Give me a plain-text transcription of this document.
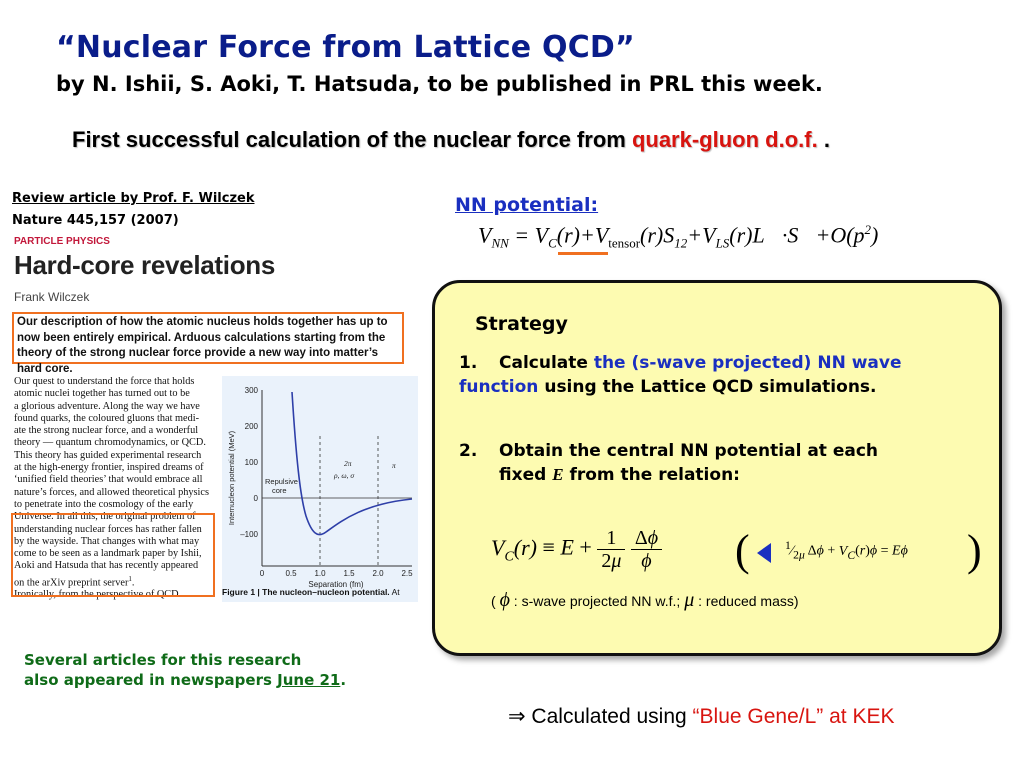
“Nuclear Force from Lattice QCD”
by N. Ishii, S. Aoki, T. Hatsuda, to be published in PRL this week.
First successful calculation of the nuclear force from quark-gluon d.o.f. .
Review article by Prof. F. Wilczek
Nature 445,157 (2007)
PARTICLE PHYSICS
Hard-core revelations
Frank Wilczek
Our description of how the atomic nucleus holds together has up to now been entirely empirical. Arduous calculations starting from the theory of the strong nuclear force provide a new way into matter’s hard core.
Our quest to understand the force that holds
atomic nuclei together has turned out to be
a glorious adventure. Along the way we have
found quarks, the coloured gluons that medi-
ate the strong nuclear force, and a wonderful
theory — quantum chromodynamics, or QCD.
This theory has guided experimental research
at the high-energy frontier, inspired dreams of
‘unified field theories’ that would embrace all
nature’s forces, and allowed theoretical physics
to penetrate into the cosmology of the early
Universe. In all this, the original problem of
understanding nuclear forces has rather fallen
by the wayside. That changes with what may
come to be seen as a landmark paper by Ishii,
Aoki and Hatsuda that has recently appeared
on the arXiv preprint server$^1$.
Ironically, from the perspective of QCD
300
200
100
0
–100
0	0.5 1.0 1.5 2.0 2.5
Separation (fm)
Internucleon potential (MeV)	Repulsive
core
2π
ρ, ω, σ
π
Figure 1 | The nucleon–nucleon potential. At
NN potential:
$V_{NN}$ = $V_C(r)+V_{tensor}(r)S_{12}+V_{LS}(r)L⃗\cdot S⃗+O(p^2)$
Strategy
1. Calculate the (s-wave projected) NN wave function using the Lattice QCD simulations.
2. Obtain the central NN potential at each
fixed E from the relation:
$V_C(r) \equiv E + \frac{1}{2\mu}$
$\frac{\Delta\phi}{\phi}$ (	$^1⁄_{2\mu}$ $\Delta\phi + V_C(r)\phi = E\phi$ )
( ϕ : s-wave projected NN w.f.; μ : reduced mass)
Several articles for this research
also appeared in newspapers June 21.
⇒ Calculated using “Blue Gene/L” at KEK
